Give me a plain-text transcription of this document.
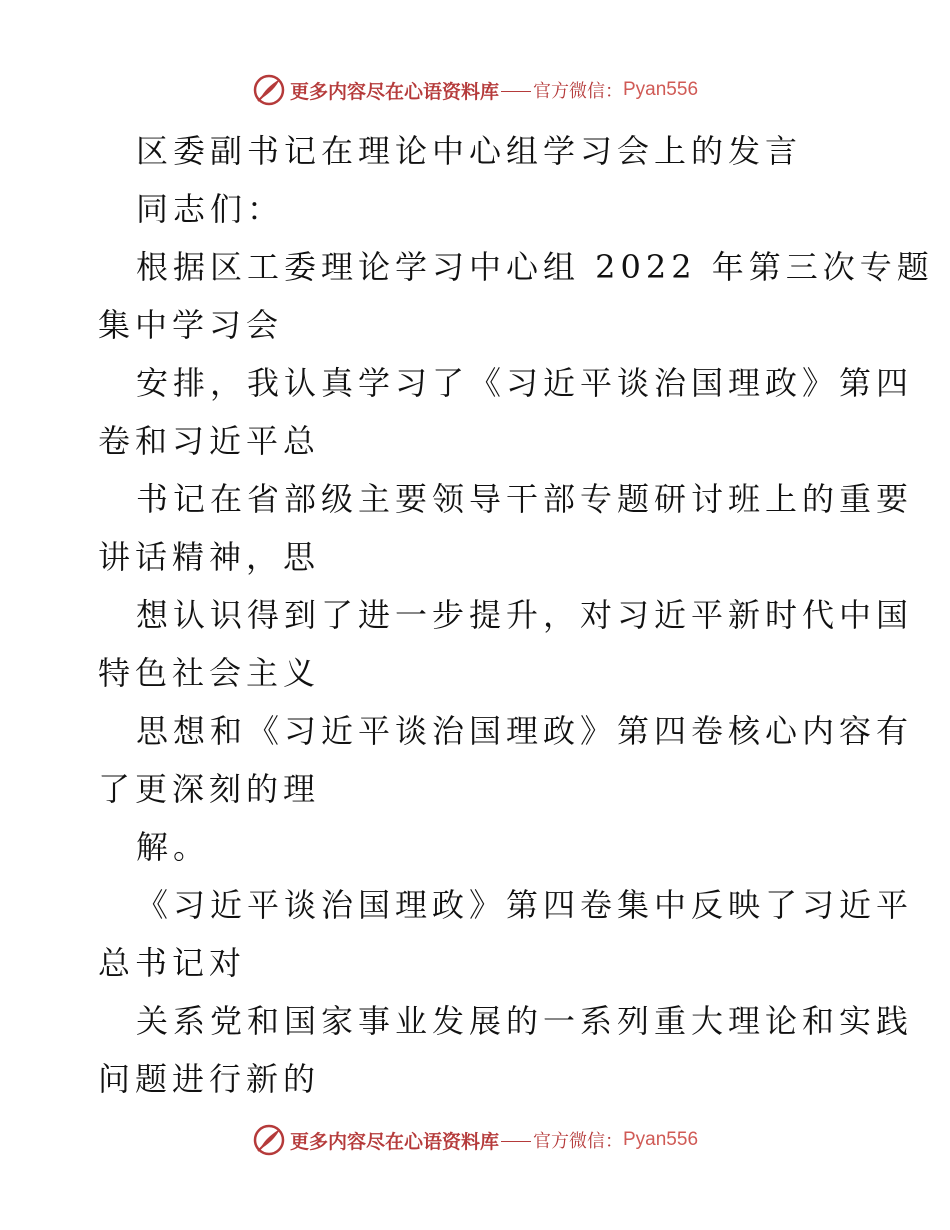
更多内容尽在心语资料库 官方微信： Pyan556
区委副书记在理论中心组学习会上的发言
同志们：
根据区工委理论学习中心组 2022 年第三次专题
集中学习会
安排，我认真学习了《习近平谈治国理政》第四
卷和习近平总
书记在省部级主要领导干部专题研讨班上的重要
讲话精神，思
想认识得到了进一步提升，对习近平新时代中国
特色社会主义
思想和《习近平谈治国理政》第四卷核心内容有
了更深刻的理
解。
《习近平谈治国理政》第四卷集中反映了习近平
总书记对
关系党和国家事业发展的一系列重大理论和实践
问题进行新的
更多内容尽在心语资料库 官方微信： Pyan556
